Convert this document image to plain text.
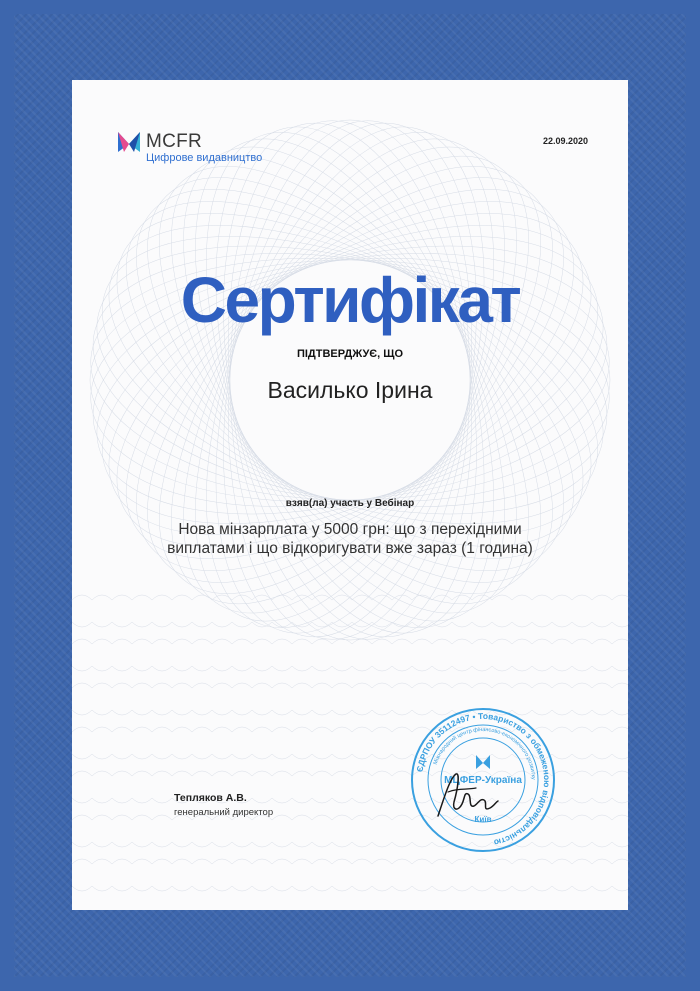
MCFR
Цифрове видавництво
22.09.2020
Сертифікат
ПІДТВЕРДЖУЄ, ЩО
Василько Ірина
взяв(ла) участь у Вебінар
Нова мінзарплата у 5000 грн: що з перехідними
виплатами і що відкоригувати вже зараз (1 година)
Тепляков А.В.
генеральний директор
ЄДРПОУ 35112497 • Товариство з обмеженою відповідальністю
Міжнародний центр фінансово-економічного розвитку
МЦФЕР-Україна
Київ
